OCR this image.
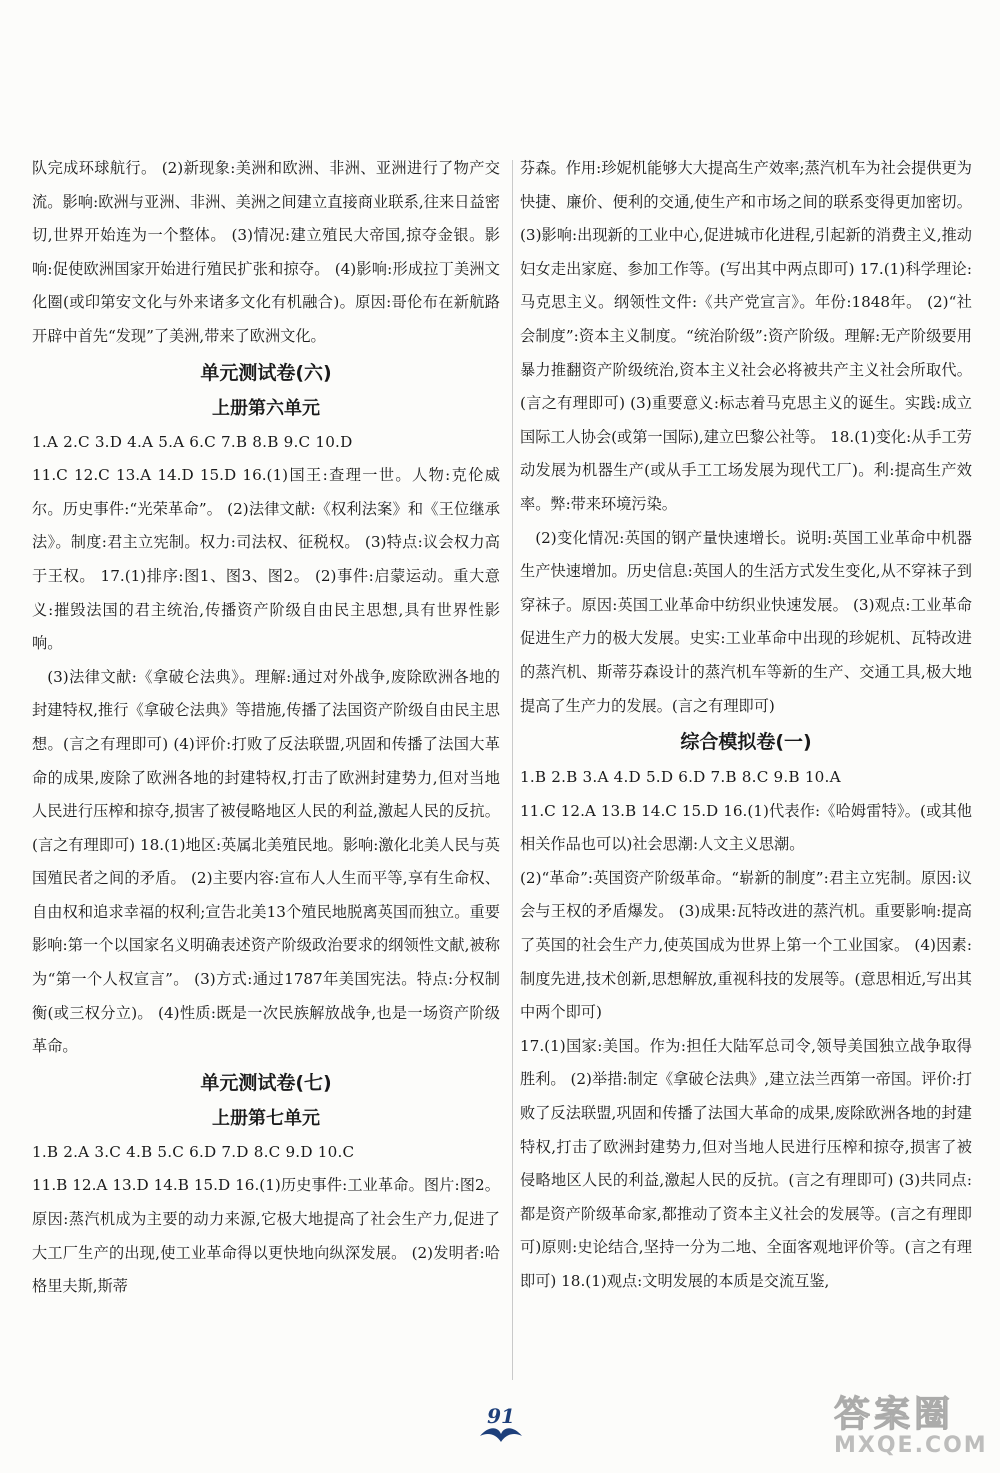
队完成环球航行。 (2)新现象:美洲和欧洲、非洲、亚洲进行了物产交流。影响:欧洲与亚洲、非洲、美洲之间建立直接商业联系,往来日益密切,世界开始连为一个整体。 (3)情况:建立殖民大帝国,掠夺金银。影响:促使欧洲国家开始进行殖民扩张和掠夺。 (4)影响:形成拉丁美洲文化圈(或印第安文化与外来诸多文化有机融合)。原因:哥伦布在新航路开辟中首先“发现”了美洲,带来了欧洲文化。

单元测试卷(六)
上册第六单元

1.A 2.C 3.D 4.A 5.A 6.C 7.B 8.B 9.C 10.D

11.C 12.C 13.A 14.D 15.D 16.(1)国王:查理一世。人物:克伦威尔。历史事件:“光荣革命”。 (2)法律文献:《权利法案》和《王位继承法》。制度:君主立宪制。权力:司法权、征税权。 (3)特点:议会权力高于王权。 17.(1)排序:图1、图3、图2。 (2)事件:启蒙运动。重大意义:摧毁法国的君主统治,传播资产阶级自由民主思想,具有世界性影响。

(3)法律文献:《拿破仑法典》。理解:通过对外战争,废除欧洲各地的封建特权,推行《拿破仑法典》等措施,传播了法国资产阶级自由民主思想。(言之有理即可) (4)评价:打败了反法联盟,巩固和传播了法国大革命的成果,废除了欧洲各地的封建特权,打击了欧洲封建势力,但对当地人民进行压榨和掠夺,损害了被侵略地区人民的利益,激起人民的反抗。(言之有理即可) 18.(1)地区:英属北美殖民地。影响:激化北美人民与英国殖民者之间的矛盾。 (2)主要内容:宣布人人生而平等,享有生命权、自由权和追求幸福的权利;宣告北美13个殖民地脱离英国而独立。重要影响:第一个以国家名义明确表述资产阶级政治要求的纲领性文献,被称为“第一个人权宣言”。 (3)方式:通过1787年美国宪法。特点:分权制衡(或三权分立)。 (4)性质:既是一次民族解放战争,也是一场资产阶级革命。

单元测试卷(七)
上册第七单元

1.B 2.A 3.C 4.B 5.C 6.D 7.D 8.C 9.D 10.C

11.B 12.A 13.D 14.B 15.D 16.(1)历史事件:工业革命。图片:图2。原因:蒸汽机成为主要的动力来源,它极大地提高了社会生产力,促进了大工厂生产的出现,使工业革命得以更快地向纵深发展。 (2)发明者:哈格里夫斯,斯蒂

芬森。作用:珍妮机能够大大提高生产效率;蒸汽机车为社会提供更为快捷、廉价、便利的交通,使生产和市场之间的联系变得更加密切。 (3)影响:出现新的工业中心,促进城市化进程,引起新的消费主义,推动妇女走出家庭、参加工作等。(写出其中两点即可) 17.(1)科学理论:马克思主义。纲领性文件:《共产党宣言》。年份:1848年。 (2)“社会制度”:资本主义制度。“统治阶级”:资产阶级。理解:无产阶级要用暴力推翻资产阶级统治,资本主义社会必将被共产主义社会所取代。(言之有理即可) (3)重要意义:标志着马克思主义的诞生。实践:成立国际工人协会(或第一国际),建立巴黎公社等。 18.(1)变化:从手工劳动发展为机器生产(或从手工工场发展为现代工厂)。利:提高生产效率。弊:带来环境污染。

(2)变化情况:英国的钢产量快速增长。说明:英国工业革命中机器生产快速增加。历史信息:英国人的生活方式发生变化,从不穿袜子到穿袜子。原因:英国工业革命中纺织业快速发展。 (3)观点:工业革命促进生产力的极大发展。史实:工业革命中出现的珍妮机、瓦特改进的蒸汽机、斯蒂芬森设计的蒸汽机车等新的生产、交通工具,极大地提高了生产力的发展。(言之有理即可)

综合模拟卷(一)

1.B 2.B 3.A 4.D 5.D 6.D 7.B 8.C 9.B 10.A

11.C 12.A 13.B 14.C 15.D 16.(1)代表作:《哈姆雷特》。(或其他相关作品也可以)社会思潮:人文主义思潮。

(2)“革命”:英国资产阶级革命。“崭新的制度”:君主立宪制。原因:议会与王权的矛盾爆发。 (3)成果:瓦特改进的蒸汽机。重要影响:提高了英国的社会生产力,使英国成为世界上第一个工业国家。 (4)因素:制度先进,技术创新,思想解放,重视科技的发展等。(意思相近,写出其中两个即可)

17.(1)国家:美国。作为:担任大陆军总司令,领导美国独立战争取得胜利。 (2)举措:制定《拿破仑法典》,建立法兰西第一帝国。评价:打败了反法联盟,巩固和传播了法国大革命的成果,废除欧洲各地的封建特权,打击了欧洲封建势力,但对当地人民进行压榨和掠夺,损害了被侵略地区人民的利益,激起人民的反抗。(言之有理即可) (3)共同点:都是资产阶级革命家,都推动了资本主义社会的发展等。(言之有理即可)原则:史论结合,坚持一分为二地、全面客观地评价等。(言之有理即可) 18.(1)观点:文明发展的本质是交流互鉴,

91	答案圈
MXQE.COM
